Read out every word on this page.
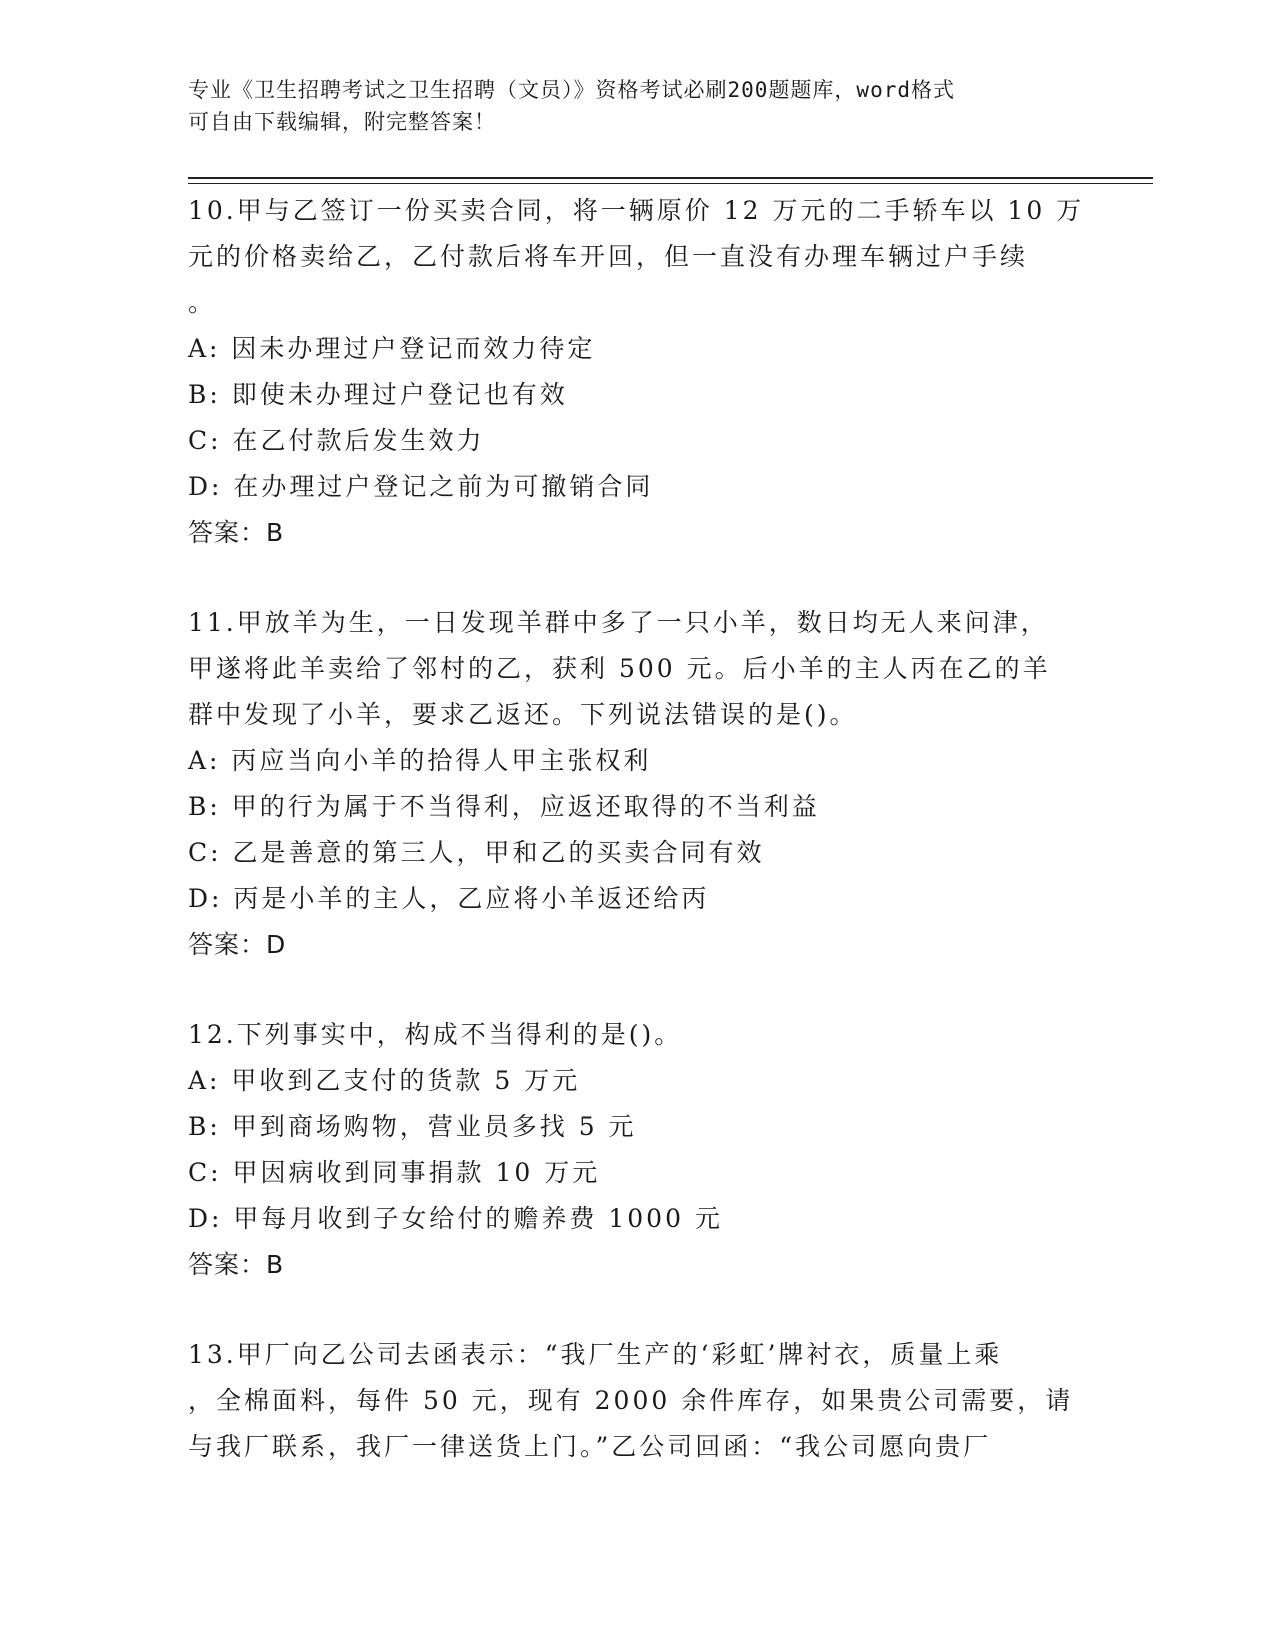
专业《卫生招聘考试之卫生招聘（文员）》资格考试必刷200题题库，word格式
可自由下载编辑，附完整答案！
10.甲与乙签订一份买卖合同，将一辆原价 12 万元的二手轿车以 10 万
元的价格卖给乙，乙付款后将车开回，但一直没有办理车辆过户手续
。
A: 因未办理过户登记而效力待定
B: 即使未办理过户登记也有效
C: 在乙付款后发生效力
D: 在办理过户登记之前为可撤销合同
答案：B
11.甲放羊为生，一日发现羊群中多了一只小羊，数日均无人来问津，
甲遂将此羊卖给了邻村的乙，获利 500 元。后小羊的主人丙在乙的羊
群中发现了小羊，要求乙返还。下列说法错误的是()。
A: 丙应当向小羊的拾得人甲主张权利
B: 甲的行为属于不当得利，应返还取得的不当利益
C: 乙是善意的第三人，甲和乙的买卖合同有效
D: 丙是小羊的主人，乙应将小羊返还给丙
答案：D
12.下列事实中，构成不当得利的是()。
A: 甲收到乙支付的货款 5 万元
B: 甲到商场购物，营业员多找 5 元
C: 甲因病收到同事捐款 10 万元
D: 甲每月收到子女给付的赡养费 1000 元
答案：B
13.甲厂向乙公司去函表示：“我厂生产的‘彩虹’牌衬衣，质量上乘
，全棉面料，每件 50 元，现有 2000 余件库存，如果贵公司需要，请
与我厂联系，我厂一律送货上门。”乙公司回函：“我公司愿向贵厂
